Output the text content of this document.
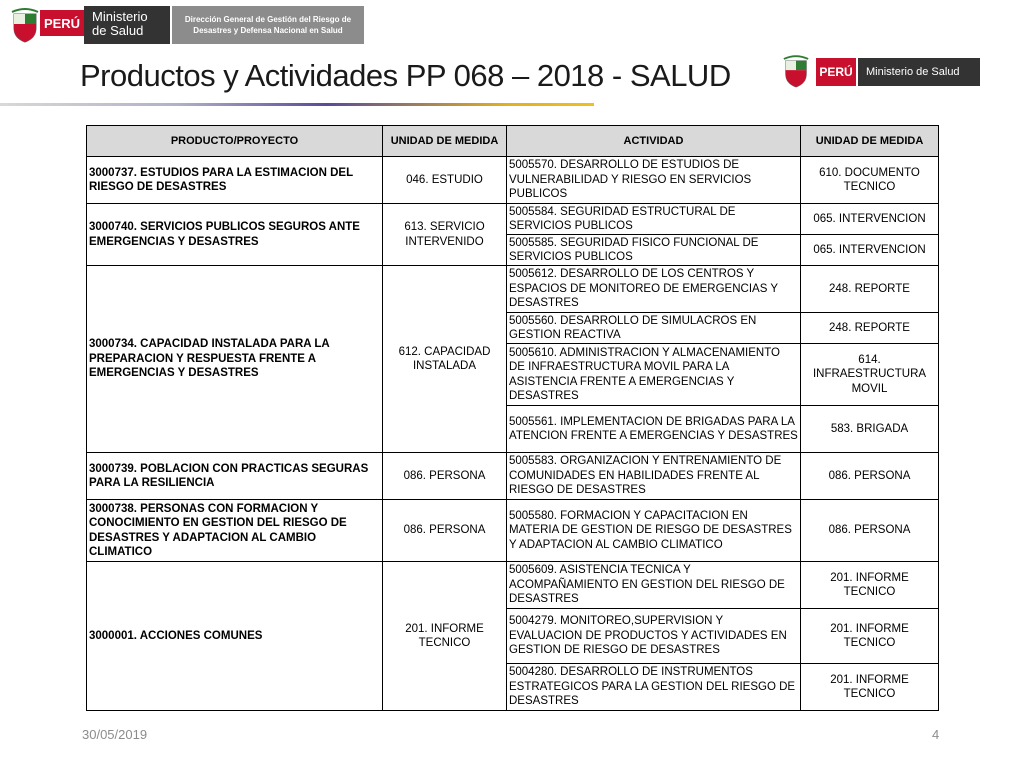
PERÚ Ministerio
de Salud
Dirección General de Gestión del Riesgo de
Desastres y Defensa Nacional en Salud
Productos y Actividades PP 068 – 2018 - SALUD	PERÚ	Ministerio de Salud
PRODUCTO/PROYECTO	UNIDAD DE MEDIDA	ACTIVIDAD	UNIDAD DE MEDIDA
3000737. ESTUDIOS PARA LA ESTIMACION DEL RIESGO DE DESASTRES	046. ESTUDIO	5005570. DESARROLLO DE ESTUDIOS DE VULNERABILIDAD Y RIESGO EN SERVICIOS PUBLICOS	610. DOCUMENTO TECNICO
3000740. SERVICIOS PUBLICOS SEGUROS ANTE EMERGENCIAS Y DESASTRES	613. SERVICIO INTERVENIDO	5005584. SEGURIDAD ESTRUCTURAL DE SERVICIOS PUBLICOS	065. INTERVENCION
		5005585. SEGURIDAD FISICO FUNCIONAL DE SERVICIOS PUBLICOS	065. INTERVENCION
3000734. CAPACIDAD INSTALADA PARA LA PREPARACION Y RESPUESTA FRENTE A EMERGENCIAS Y DESASTRES	612. CAPACIDAD INSTALADA	5005612. DESARROLLO DE LOS CENTROS Y ESPACIOS DE MONITOREO DE EMERGENCIAS Y DESASTRES	248. REPORTE
		5005560. DESARROLLO DE SIMULACROS EN GESTION REACTIVA	248. REPORTE
		5005610. ADMINISTRACION Y ALMACENAMIENTO DE INFRAESTRUCTURA MOVIL PARA LA ASISTENCIA FRENTE A EMERGENCIAS Y DESASTRES	614. INFRAESTRUCTURA MOVIL
		5005561. IMPLEMENTACION DE BRIGADAS PARA LA ATENCION FRENTE A EMERGENCIAS Y DESASTRES	583. BRIGADA
3000739. POBLACION CON PRACTICAS SEGURAS PARA LA RESILIENCIA	086. PERSONA	5005583. ORGANIZACION Y ENTRENAMIENTO DE COMUNIDADES EN HABILIDADES FRENTE AL RIESGO DE DESASTRES	086. PERSONA
3000738. PERSONAS CON FORMACION Y CONOCIMIENTO EN GESTION DEL RIESGO DE DESASTRES Y ADAPTACION AL CAMBIO CLIMATICO	086. PERSONA	5005580. FORMACION Y CAPACITACION EN MATERIA DE GESTION DE RIESGO DE DESASTRES Y ADAPTACION AL CAMBIO CLIMATICO	086. PERSONA
3000001. ACCIONES COMUNES	201. INFORME TECNICO	5005609. ASISTENCIA TECNICA Y ACOMPAÑAMIENTO EN GESTION DEL RIESGO DE DESASTRES	201. INFORME TECNICO
		5004279. MONITOREO,SUPERVISION Y EVALUACION DE PRODUCTOS Y ACTIVIDADES EN GESTION DE RIESGO DE DESASTRES	201. INFORME TECNICO
		5004280. DESARROLLO DE INSTRUMENTOS ESTRATEGICOS PARA LA GESTION DEL RIESGO DE DESASTRES	201. INFORME TECNICO
30/05/2019	4
